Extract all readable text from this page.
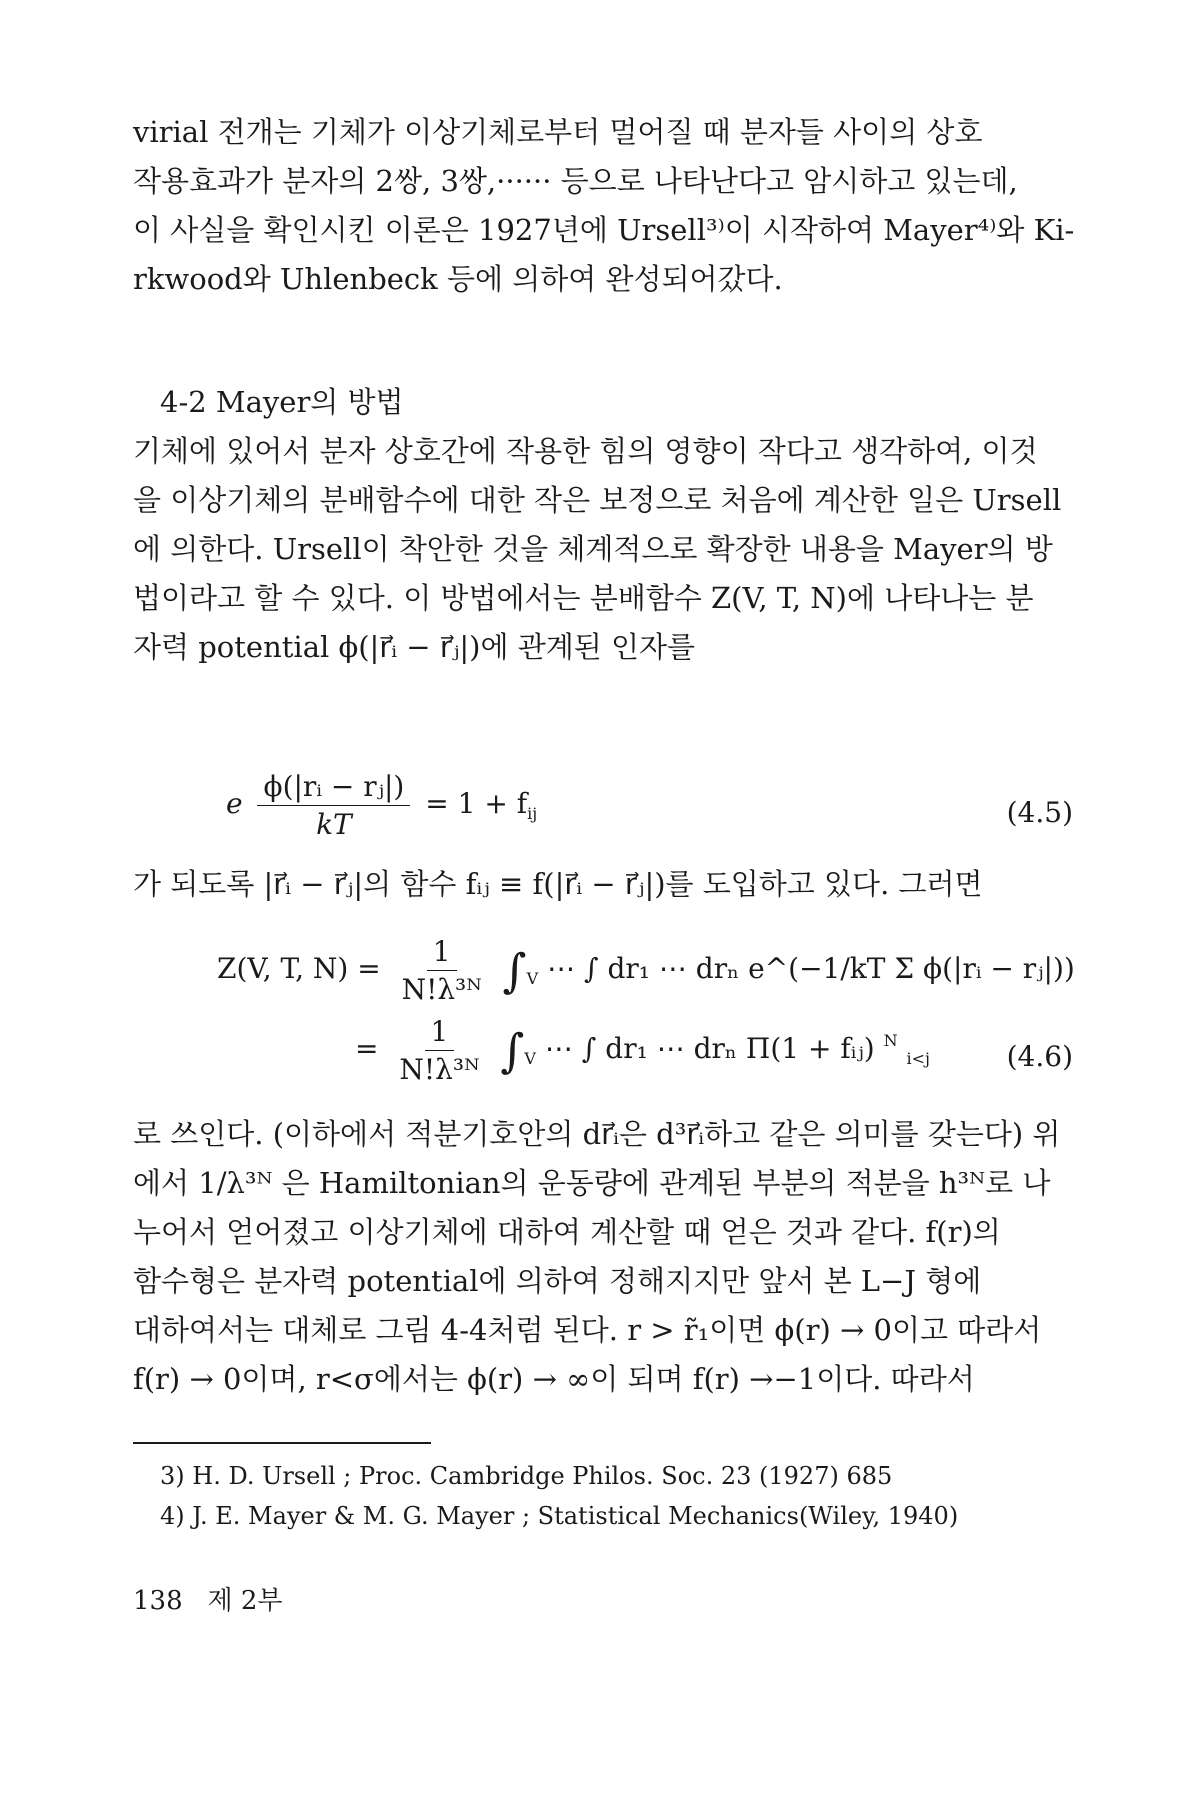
virial 전개는 기체가 이상기체로부터 멀어질 때 분자들 사이의 상호
작용효과가 분자의 2쌍, 3쌍,······ 등으로 나타난다고 암시하고 있는데,
이 사실을 확인시킨 이론은 1927년에 Ursell³⁾이 시작하여 Mayer⁴⁾와 Ki-
rkwood와 Uhlenbeck 등에 의하여 완성되어갔다.
4-2 Mayer의 방법
기체에 있어서 분자 상호간에 작용한 힘의 영향이 작다고 생각하여, 이것
을 이상기체의 분배함수에 대한 작은 보정으로 처음에 계산한 일은 Ursell
에 의한다. Ursell이 착안한 것을 체계적으로 확장한 내용을 Mayer의 방
법이라고 할 수 있다. 이 방법에서는 분배함수 Z(V, T, N)에 나타나는 분
자력 potential ϕ(|r⃗ᵢ − r⃗ⱼ|)에 관계된 인자를
e $\frac{\text{ϕ(|rᵢ − rⱼ|)}}{kT} = 1 + f_{ij}$	(4.5)
가 되도록 |r⃗ᵢ − r⃗ⱼ|의 함수 fᵢⱼ ≡ f(|r⃗ᵢ − r⃗ⱼ|)를 도입하고 있다. 그러면
Z(V, T, $N) = \frac{1}{\text{N!λ³ᴺ}} \int_V$ ⋯ ∫ dr₁ ⋯ drₙ e^(−1/kT Σ ϕ(|rᵢ − rⱼ|))
= $\frac{1}{\text{N!λ³ᴺ}} \int_V$ ⋯ ∫ dr₁ ⋯ drₙ Π(1 + fᵢⱼ) $^N$ $_{i<j}$	(4.6)
로 쓰인다. (이하에서 적분기호안의 dr⃗ᵢ은 d³r⃗ᵢ하고 같은 의미를 갖는다) 위
에서 1/λ³ᴺ 은 Hamiltonian의 운동량에 관계된 부분의 적분을 h³ᴺ로 나
누어서 얻어졌고 이상기체에 대하여 계산할 때 얻은 것과 같다. f(r)의
함수형은 분자력 potential에 의하여 정해지지만 앞서 본 L−J 형에
대하여서는 대체로 그림 4-4처럼 된다. r > r̃₁이면 ϕ(r) → 0이고 따라서
f(r) → 0이며, r<σ에서는 ϕ(r) → ∞이 되며 f(r) →−1이다. 따라서
3) H. D. Ursell ; Proc. Cambridge Philos. Soc. 23 (1927) 685
4) J. E. Mayer & M. G. Mayer ; Statistical Mechanics(Wiley, 1940)
138 제 2부
